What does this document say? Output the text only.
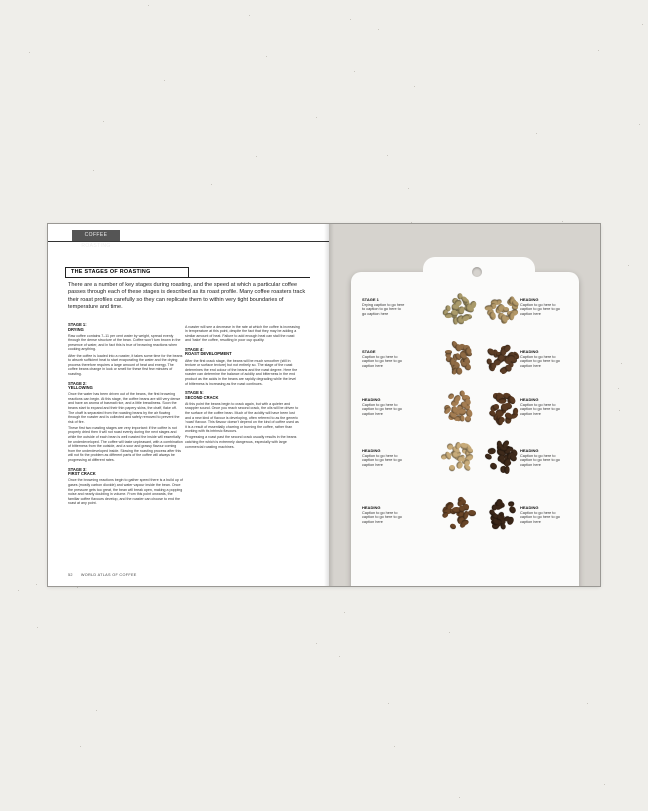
COFFEE ROASTING
THE STAGES OF ROASTING

There are a number of key stages during roasting, and the speed at which a particular coffee passes through each of these stages is described as its roast profile. Many coffee roasters track their roast profiles carefully so they can replicate them to within very tight boundaries of temperature and time.

STAGE 1:
DRYING

Raw coffee contains 7–11 per cent water by weight, spread evenly through the dense structure of the bean. Coffee won't turn brown in the presence of water, and in fact this is true of browning reactions when cooking anything.

After the coffee is loaded into a roaster, it takes some time for the beans to absorb sufficient heat to start evaporating the water and the drying process therefore requires a large amount of heat and energy. The coffee beans change in look or smell for these first few minutes of roasting.

STAGE 2:
YELLOWING

Once the water has been driven out of the beans, the first browning reactions can begin. At this stage, the coffee beans are still very dense and have an aroma of basmati rice, and a little breadiness. Soon the beans start to expand and their thin papery skins, the chaff, flake off. The chaff is separated from the roasting beans by the air flowing through the roaster and is collected and safely removed to prevent the risk of fire.

These first two roasting stages are very important: if the coffee is not properly dried then it will not roast evenly during the next stages and while the outside of each bean is well roasted the inside will essentially be underdeveloped. The coffee will taste unpleasant, with a combination of bitterness from the outside, and a sour and grassy flavour coming from the underdeveloped inside. Slowing the roasting process after this will not fix the problem as different parts of the coffee will always be progressing at different rates.

STAGE 3:
FIRST CRACK

Once the browning reactions begin to gather speed there is a build up of gases (mostly carbon dioxide) and water vapour inside the bean. Once the pressure gets too great, the bean will break open, making a popping noise and nearly doubling in volume. From this point onwards, the familiar coffee flavours develop, and the roaster can choose to end the roast at any point.

A roaster will see a decrease in the rate at which the coffee is increasing in temperature at this point, despite the fact that they may be adding a similar amount of heat. Failure to add enough heat can stall the roast and 'bake' the coffee, resulting in poor cup quality.

STAGE 4:
ROAST DEVELOPMENT

After the first crack stage, the beans will be much smoother (still in texture or surface texture) but not entirely so. The stage of the roast determines the end colour of the beans and the roast degree. Here the roaster can determine the balance of acidity and bitterness in the end product as the acids in the beans are rapidly degrading while the level of bitterness is increasing as the roast continues.

STAGE 5:
SECOND CRACK

At this point the beans begin to crack again, but with a quieter and snappier sound. Once you reach second crack, the oils will be driven to the surface of the coffee bean. Much of the acidity will have been lost and a new kind of flavour is developing, often referred to as the generic 'roast' flavour. This flavour doesn't depend on the kind of coffee used as it is a result of essentially charring or burning the coffee, rather than working with its intrinsic flavours.

Progressing a roast past the second crack usually results in the beans catching fire which is extremely dangerous, especially with large commercial roasting machines.

52 WORLD ATLAS OF COFFEE
STAGE 1
Drying caption to go here to caption to go here to go caption here
STAGE
Caption to go here to caption to go here to go caption here
HEADING
Caption to go here to caption to go here to go caption here
HEADING
Caption to go here to caption to go here to go caption here
HEADING
Caption to go here to caption to go here to go caption here
HEADING
Caption to go here to caption to go here to go caption here
HEADING
Caption to go here to caption to go here to go caption here
HEADING
Caption to go here to caption to go here to go caption here
HEADING
Caption to go here to caption to go here to go caption here
HEADING
Caption to go here to caption to go here to go caption here
